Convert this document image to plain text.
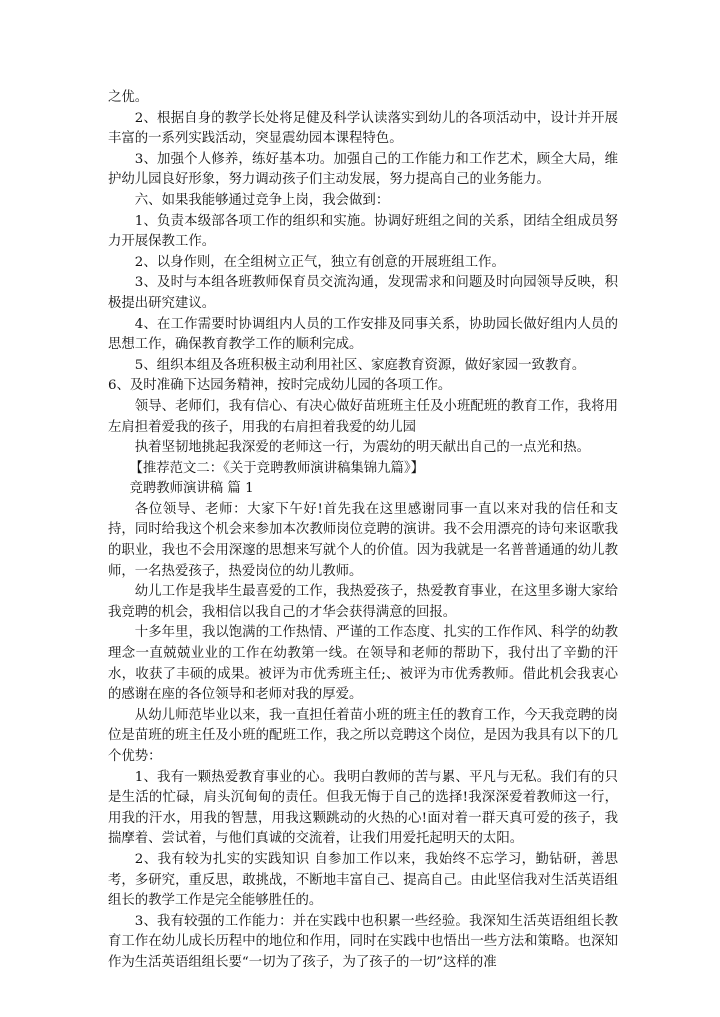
之优。

2、根据自身的教学长处将足健及科学认读落实到幼儿的各项活动中，设计并开展丰富的一系列实践活动，突显震幼园本课程特色。

3、加强个人修养，练好基本功。加强自己的工作能力和工作艺术，顾全大局，维护幼儿园良好形象，努力调动孩子们主动发展，努力提高自己的业务能力。

六、如果我能够通过竞争上岗，我会做到：

1、负责本级部各项工作的组织和实施。协调好班组之间的关系，团结全组成员努力开展保教工作。

2、以身作则，在全组树立正气，独立有创意的开展班组工作。

3、及时与本组各班教师保育员交流沟通，发现需求和问题及时向园领导反映，积极提出研究建议。

4、在工作需要时协调组内人员的工作安排及同事关系，协助园长做好组内人员的思想工作，确保教育教学工作的顺利完成。

5、组织本组及各班积极主动利用社区、家庭教育资源，做好家园一致教育。

6、及时准确下达园务精神，按时完成幼儿园的各项工作。

领导、老师们，我有信心、有决心做好苗班班主任及小班配班的教育工作，我将用左肩担着爱我的孩子，用我的右肩担着我爱的幼儿园

执着坚韧地挑起我深爱的老师这一行，为震幼的明天献出自己的一点光和热。

【推荐范文二：《关于竞聘教师演讲稿集锦九篇》】

竞聘教师演讲稿 篇 1

各位领导、老师：大家下午好!首先我在这里感谢同事一直以来对我的信任和支持，同时给我这个机会来参加本次教师岗位竞聘的演讲。我不会用漂亮的诗句来讴歌我的职业，我也不会用深邃的思想来写就个人的价值。因为我就是一名普普通通的幼儿教师，一名热爱孩子，热爱岗位的幼儿教师。

幼儿工作是我毕生最喜爱的工作，我热爱孩子，热爱教育事业，在这里多谢大家给我竞聘的机会，我相信以我自己的才华会获得满意的回报。

十多年里，我以饱满的工作热情、严谨的工作态度、扎实的工作作风、科学的幼教理念一直兢兢业业的工作在幼教第一线。在领导和老师的帮助下，我付出了辛勤的汗水，收获了丰硕的成果。被评为市优秀班主任;、被评为市优秀教师。借此机会我衷心的感谢在座的各位领导和老师对我的厚爱。

从幼儿师范毕业以来，我一直担任着苗小班的班主任的教育工作，今天我竞聘的岗位是苗班的班主任及小班的配班工作，我之所以竞聘这个岗位，是因为我具有以下的几个优势：

1、我有一颗热爱教育事业的心。我明白教师的苦与累、平凡与无私。我们有的只是生活的忙碌，肩头沉甸甸的责任。但我无悔于自己的选择!我深深爱着教师这一行，用我的汗水，用我的智慧，用我这颗跳动的火热的心!面对着一群天真可爱的孩子，我揣摩着、尝试着，与他们真诚的交流着，让我们用爱托起明天的太阳。

2、我有较为扎实的实践知识 自参加工作以来，我始终不忘学习，勤钻研，善思考，多研究，重反思，敢挑战，不断地丰富自己、提高自己。由此坚信我对生活英语组组长的教学工作是完全能够胜任的。

3、我有较强的工作能力：并在实践中也积累一些经验。我深知生活英语组组长教育工作在幼儿成长历程中的地位和作用，同时在实践中也悟出一些方法和策略。也深知作为生活英语组组长要“一切为了孩子，为了孩子的一切”这样的准
